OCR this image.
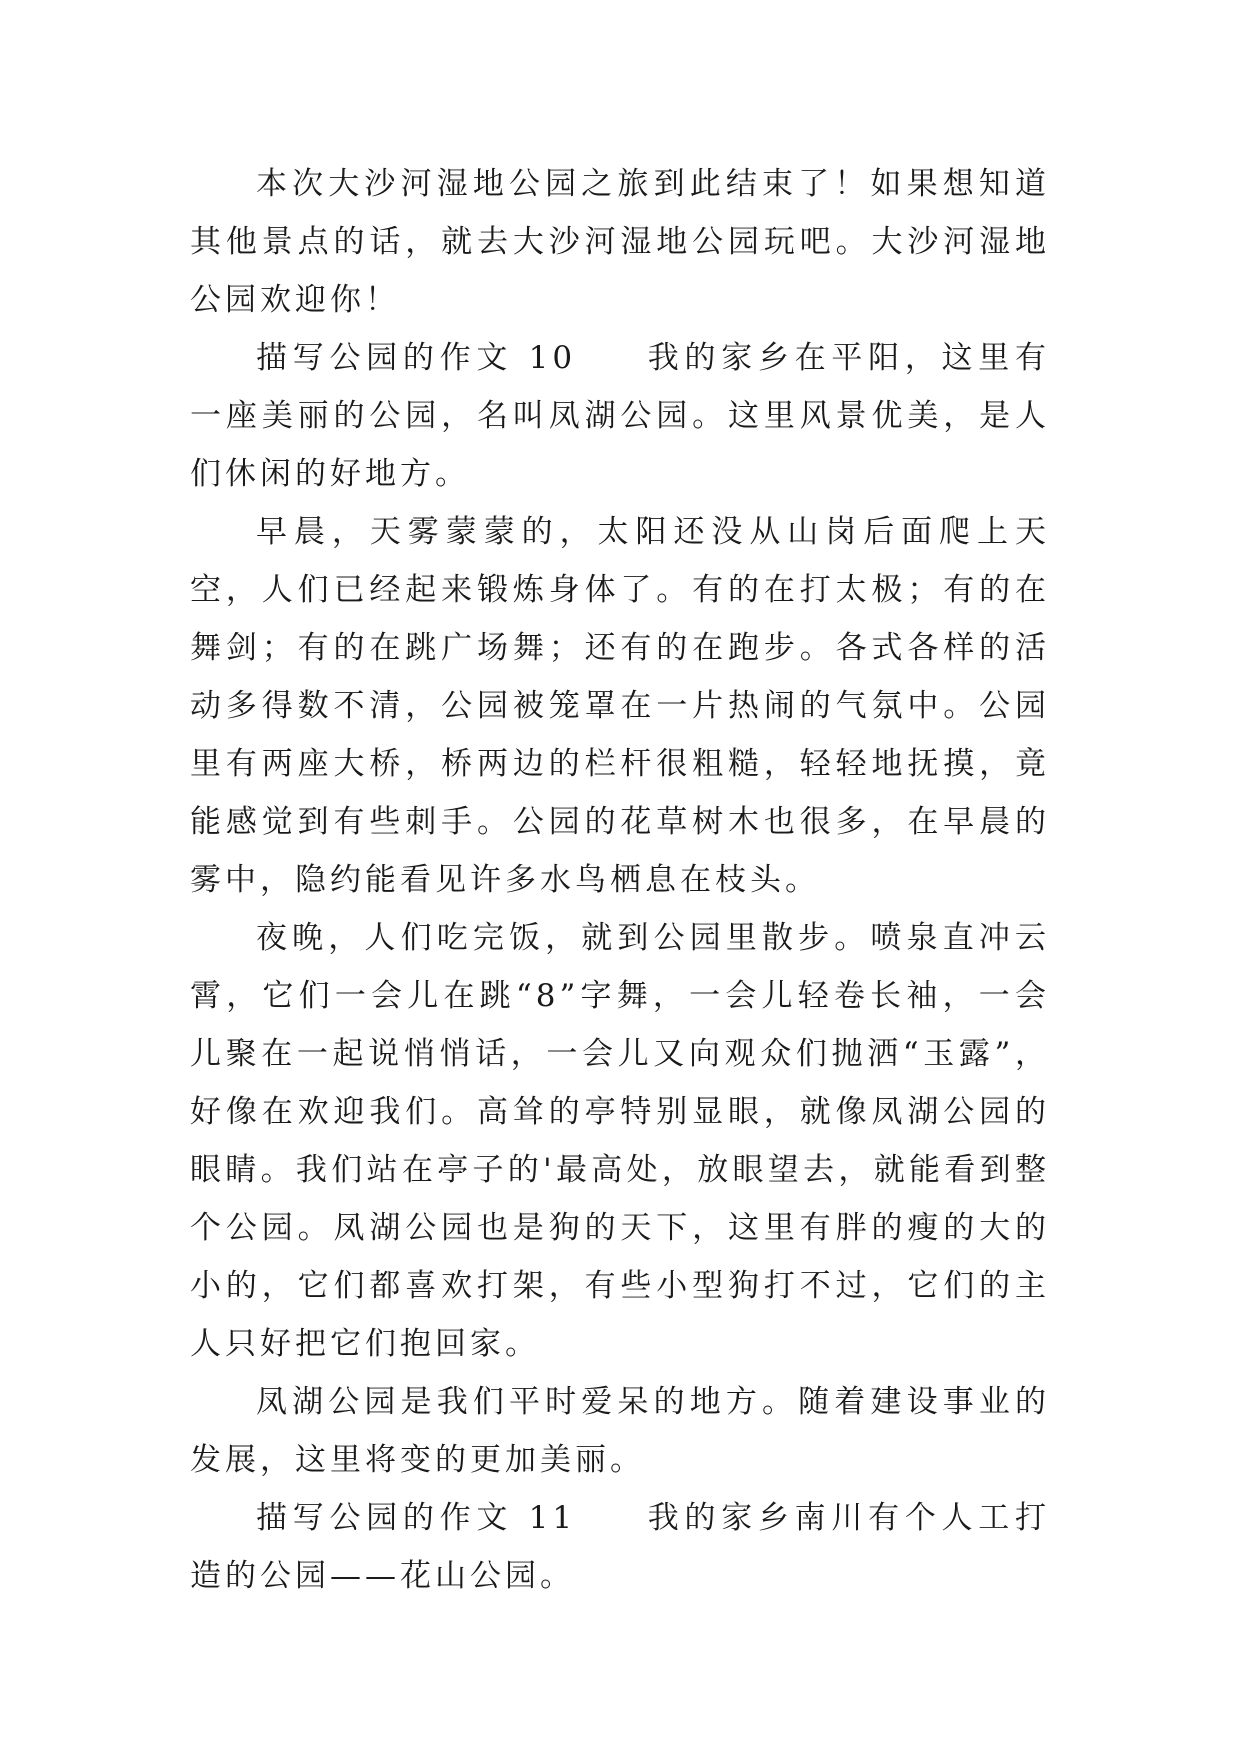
本次大沙河湿地公园之旅到此结束了！如果想知道其他景点的话，就去大沙河湿地公园玩吧。大沙河湿地公园欢迎你！

描写公园的作文 10 我的家乡在平阳，这里有一座美丽的公园，名叫凤湖公园。这里风景优美，是人们休闲的好地方。

早晨，天雾蒙蒙的，太阳还没从山岗后面爬上天空，人们已经起来锻炼身体了。有的在打太极；有的在舞剑；有的在跳广场舞；还有的在跑步。各式各样的活动多得数不清，公园被笼罩在一片热闹的气氛中。公园里有两座大桥，桥两边的栏杆很粗糙，轻轻地抚摸，竟能感觉到有些刺手。公园的花草树木也很多，在早晨的雾中，隐约能看见许多水鸟栖息在枝头。

夜晚，人们吃完饭，就到公园里散步。喷泉直冲云霄，它们一会儿在跳“8”字舞，一会儿轻卷长袖，一会儿聚在一起说悄悄话，一会儿又向观众们抛洒“玉露”，好像在欢迎我们。高耸的亭特别显眼，就像凤湖公园的眼睛。我们站在亭子的'最高处，放眼望去，就能看到整个公园。凤湖公园也是狗的天下，这里有胖的瘦的大的小的，它们都喜欢打架，有些小型狗打不过，它们的主人只好把它们抱回家。

凤湖公园是我们平时爱呆的地方。随着建设事业的发展，这里将变的更加美丽。

描写公园的作文 11 我的家乡南川有个人工打造的公园——花山公园。
